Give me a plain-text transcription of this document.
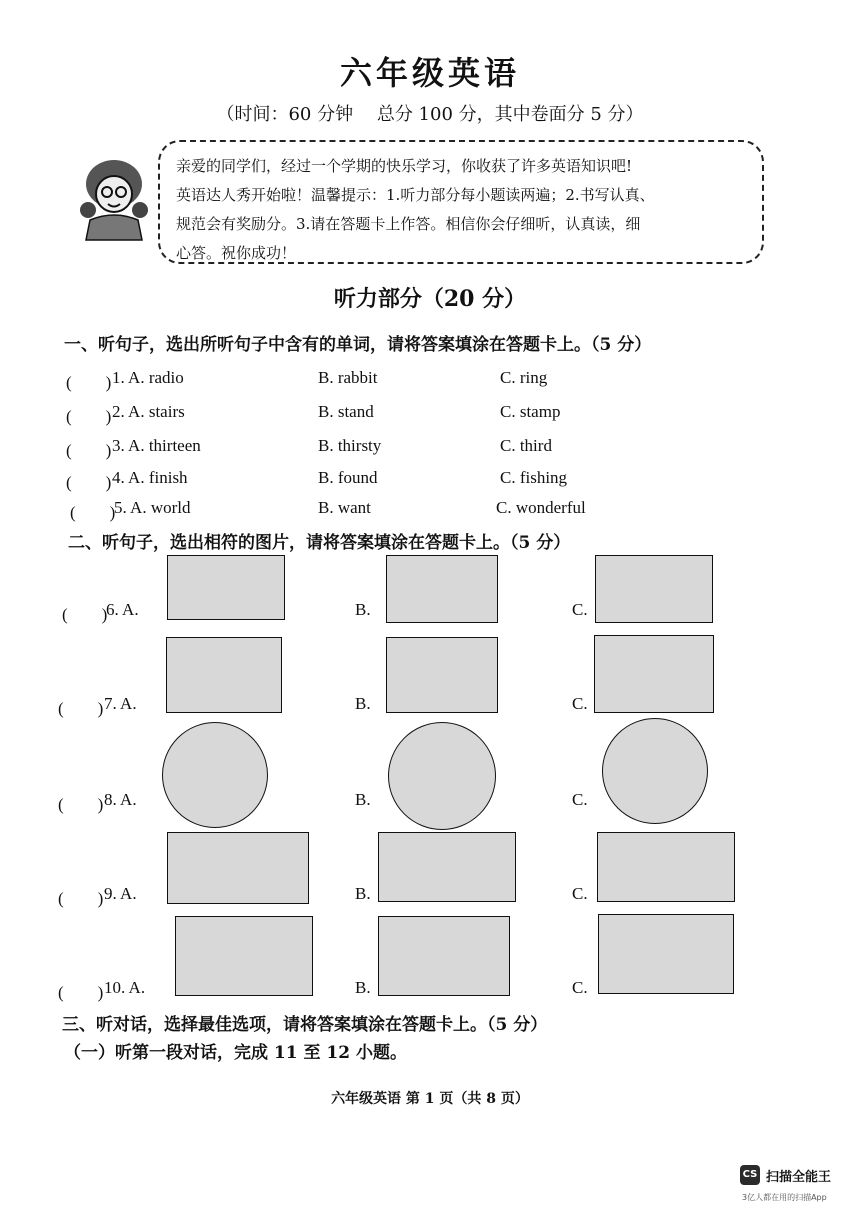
六年级英语
（时间：60 分钟　 总分 100 分，其中卷面分 5 分）
亲爱的同学们，经过一个学期的快乐学习，你收获了许多英语知识吧!
英语达人秀开始啦！温馨提示：1.听力部分每小题读两遍；2.书写认真、
规范会有奖励分。3.请在答题卡上作答。相信你会仔细听，认真读，细
心答。祝你成功！
听力部分（20 分）
一、听句子，选出所听句子中含有的单词，请将答案填涂在答题卡上。（5 分）
(　　) 1. A. radio	B. rabbit	C. ring
(　　) 2. A. stairs	B. stand	C. stamp
(　　) 3. A. thirteen	B. thirsty	C. third
(　　) 4. A. finish	B. found	C. fishing
(　　)
5. A. world	B. want	C. wonderful
二、听句子，选出相符的图片，请将答案填涂在答题卡上。（5 分）
(　　)
6. A.	B.	C.
(　　) 7. A.	B.	C.
(　　) 8. A.	B.	C.
(　　) 9. A.	B.	C.
(　　) 10. A.	B.	C.
三、听对话，选择最佳选项，请将答案填涂在答题卡上。（5 分）
（一）听第一段对话，完成 11 至 12 小题。
六年级英语 第 1 页（共 8 页）
CS 扫描全能王
3亿人都在用的扫描App
